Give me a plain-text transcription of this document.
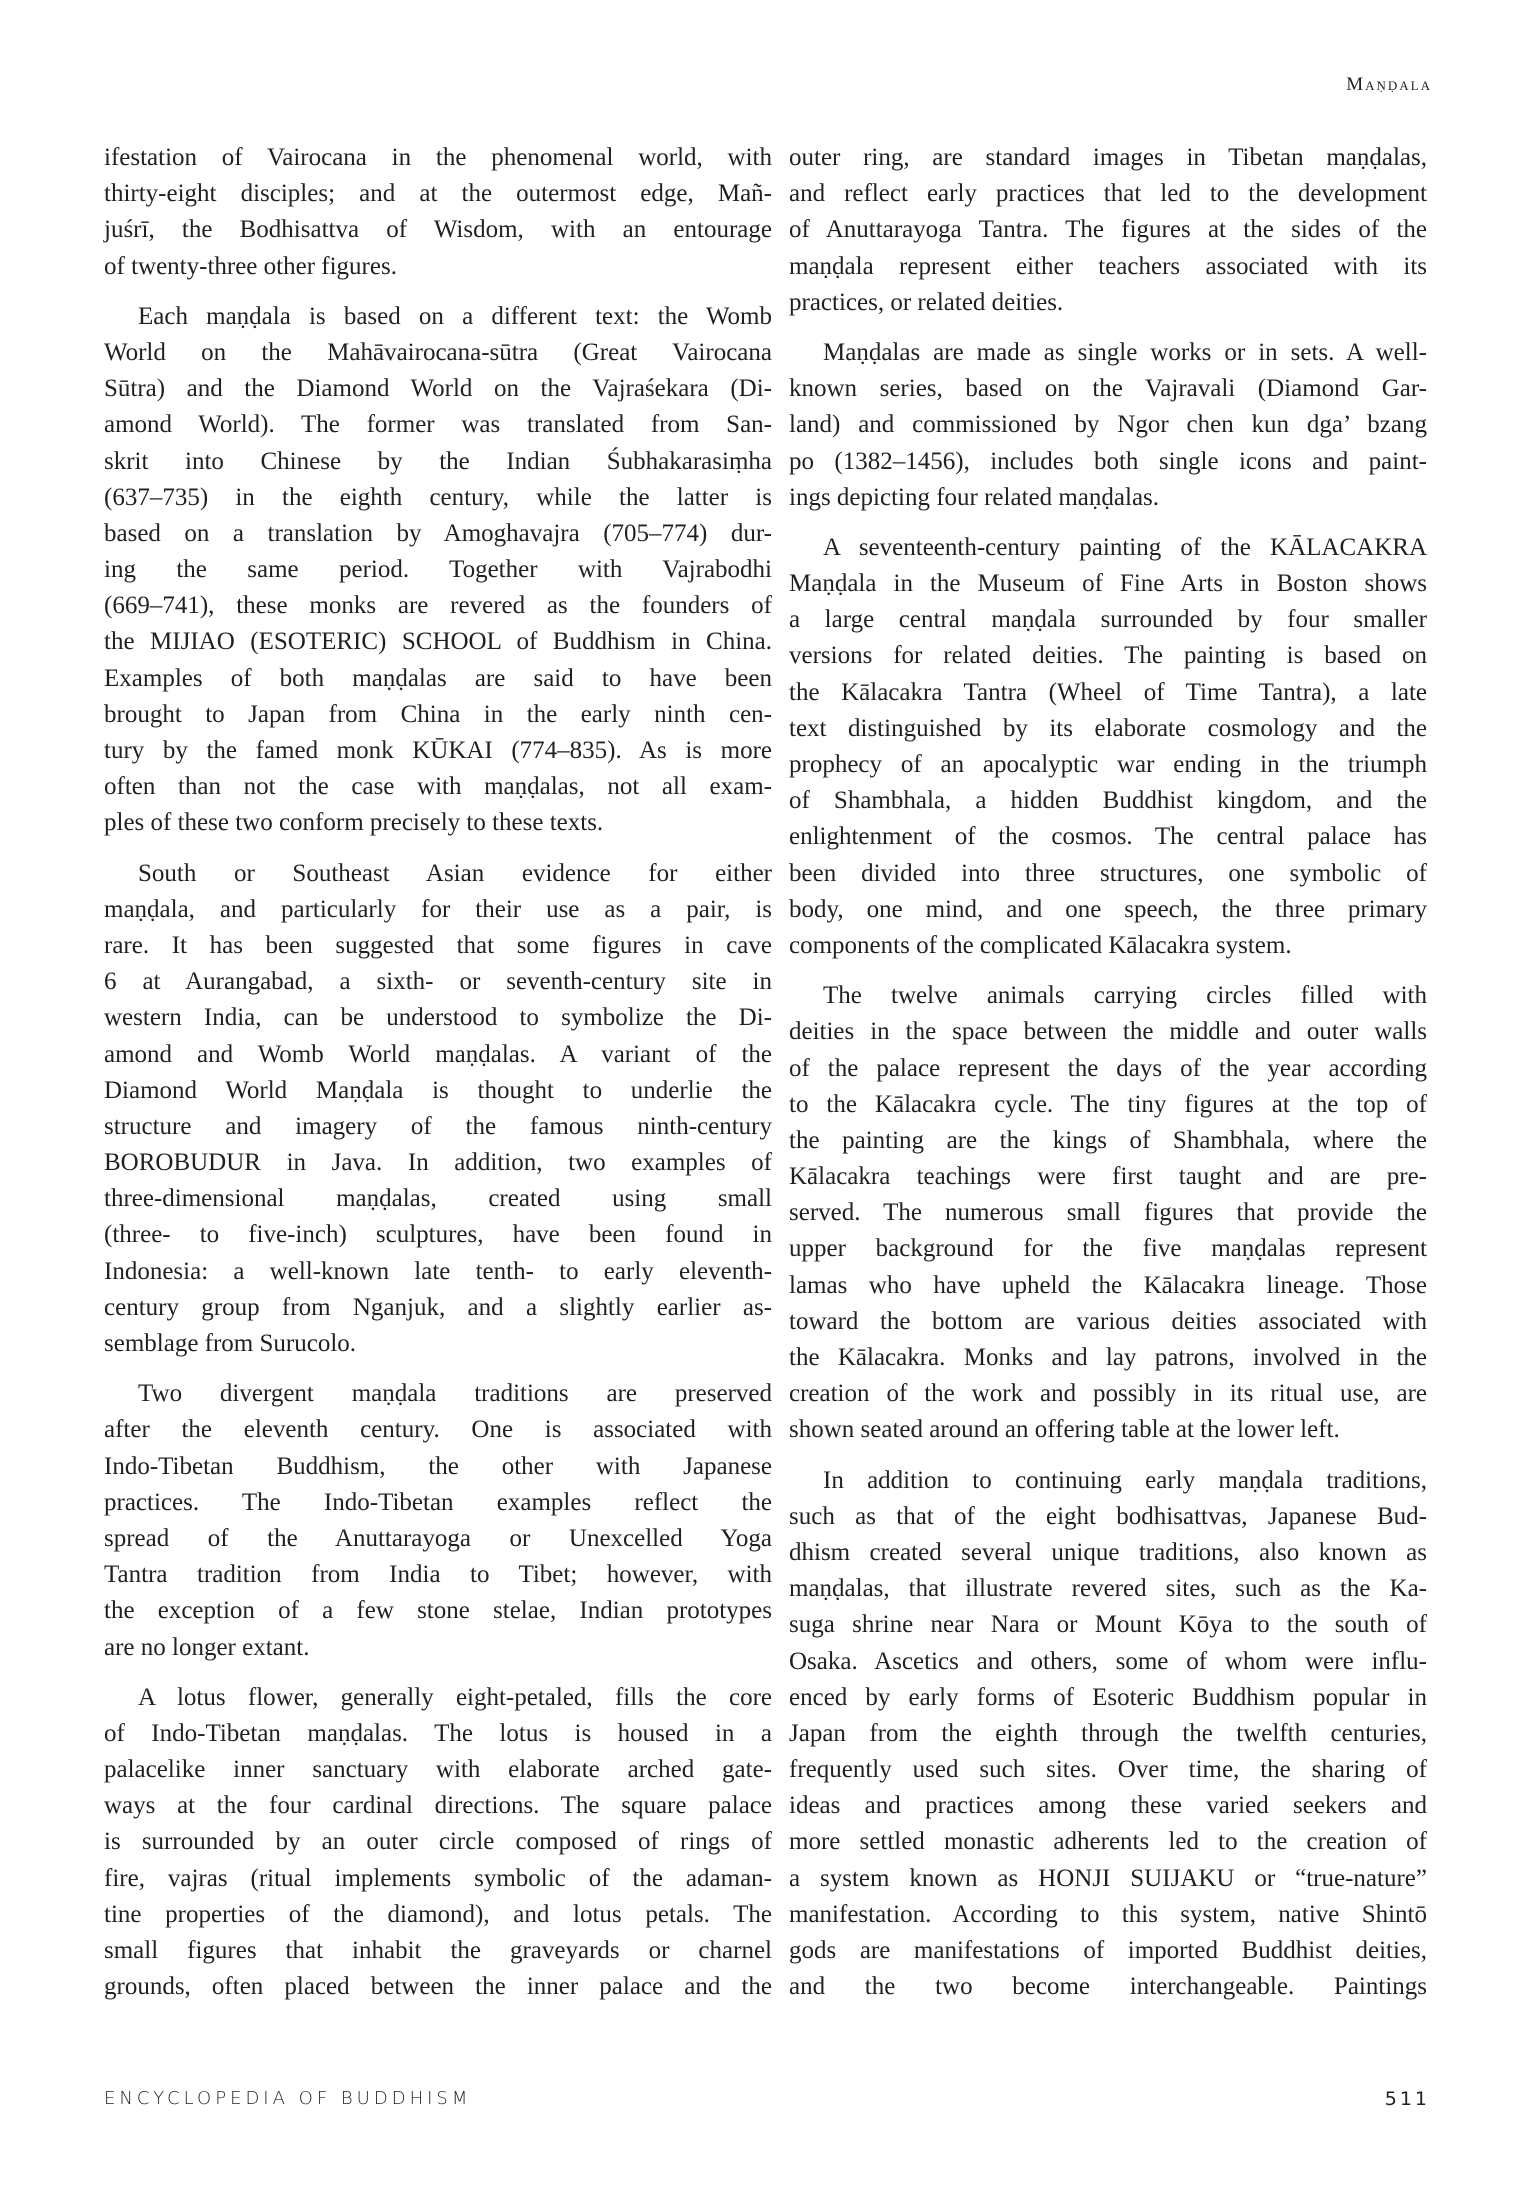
Maṇḍala
ifestation of Vairocana in the phenomenal world, with
thirty-eight disciples; and at the outermost edge, Mañ-
juśrī, the Bodhisattva of Wisdom, with an entourage
of twenty-three other figures.
Each maṇḍala is based on a different text: the Womb
World on the Mahāvairocana-sūtra (Great Vairocana
Sūtra) and the Diamond World on the Vajraśekara (Di-
amond World). The former was translated from San-
skrit into Chinese by the Indian Śubhakarasiṃha
(637–735) in the eighth century, while the latter is
based on a translation by Amoghavajra (705–774) dur-
ing the same period. Together with Vajrabodhi
(669–741), these monks are revered as the founders of
the MIJIAO (ESOTERIC) SCHOOL of Buddhism in China.
Examples of both maṇḍalas are said to have been
brought to Japan from China in the early ninth cen-
tury by the famed monk KŪKAI (774–835). As is more
often than not the case with maṇḍalas, not all exam-
ples of these two conform precisely to these texts.
South or Southeast Asian evidence for either
maṇḍala, and particularly for their use as a pair, is
rare. It has been suggested that some figures in cave
6 at Aurangabad, a sixth- or seventh-century site in
western India, can be understood to symbolize the Di-
amond and Womb World maṇḍalas. A variant of the
Diamond World Maṇḍala is thought to underlie the
structure and imagery of the famous ninth-century
BOROBUDUR in Java. In addition, two examples of
three-dimensional maṇḍalas, created using small
(three- to five-inch) sculptures, have been found in
Indonesia: a well-known late tenth- to early eleventh-
century group from Nganjuk, and a slightly earlier as-
semblage from Surucolo.
Two divergent maṇḍala traditions are preserved
after the eleventh century. One is associated with
Indo-Tibetan Buddhism, the other with Japanese
practices. The Indo-Tibetan examples reflect the
spread of the Anuttarayoga or Unexcelled Yoga
Tantra tradition from India to Tibet; however, with
the exception of a few stone stelae, Indian prototypes
are no longer extant.
A lotus flower, generally eight-petaled, fills the core
of Indo-Tibetan maṇḍalas. The lotus is housed in a
palacelike inner sanctuary with elaborate arched gate-
ways at the four cardinal directions. The square palace
is surrounded by an outer circle composed of rings of
fire, vajras (ritual implements symbolic of the adaman-
tine properties of the diamond), and lotus petals. The
small figures that inhabit the graveyards or charnel
grounds, often placed between the inner palace and the
outer ring, are standard images in Tibetan maṇḍalas,
and reflect early practices that led to the development
of Anuttarayoga Tantra. The figures at the sides of the
maṇḍala represent either teachers associated with its
practices, or related deities.
Maṇḍalas are made as single works or in sets. A well-
known series, based on the Vajravali (Diamond Gar-
land) and commissioned by Ngor chen kun dga’ bzang
po (1382–1456), includes both single icons and paint-
ings depicting four related maṇḍalas.
A seventeenth-century painting of the KĀLACAKRA
Maṇḍala in the Museum of Fine Arts in Boston shows
a large central maṇḍala surrounded by four smaller
versions for related deities. The painting is based on
the Kālacakra Tantra (Wheel of Time Tantra), a late
text distinguished by its elaborate cosmology and the
prophecy of an apocalyptic war ending in the triumph
of Shambhala, a hidden Buddhist kingdom, and the
enlightenment of the cosmos. The central palace has
been divided into three structures, one symbolic of
body, one mind, and one speech, the three primary
components of the complicated Kālacakra system.
The twelve animals carrying circles filled with
deities in the space between the middle and outer walls
of the palace represent the days of the year according
to the Kālacakra cycle. The tiny figures at the top of
the painting are the kings of Shambhala, where the
Kālacakra teachings were first taught and are pre-
served. The numerous small figures that provide the
upper background for the five maṇḍalas represent
lamas who have upheld the Kālacakra lineage. Those
toward the bottom are various deities associated with
the Kālacakra. Monks and lay patrons, involved in the
creation of the work and possibly in its ritual use, are
shown seated around an offering table at the lower left.
In addition to continuing early maṇḍala traditions,
such as that of the eight bodhisattvas, Japanese Bud-
dhism created several unique traditions, also known as
maṇḍalas, that illustrate revered sites, such as the Ka-
suga shrine near Nara or Mount Kōya to the south of
Osaka. Ascetics and others, some of whom were influ-
enced by early forms of Esoteric Buddhism popular in
Japan from the eighth through the twelfth centuries,
frequently used such sites. Over time, the sharing of
ideas and practices among these varied seekers and
more settled monastic adherents led to the creation of
a system known as HONJI SUIJAKU or “true-nature”
manifestation. According to this system, native Shintō
gods are manifestations of imported Buddhist deities,
and the two become interchangeable. Paintings
ENCYCLOPEDIA OF BUDDHISM	511
